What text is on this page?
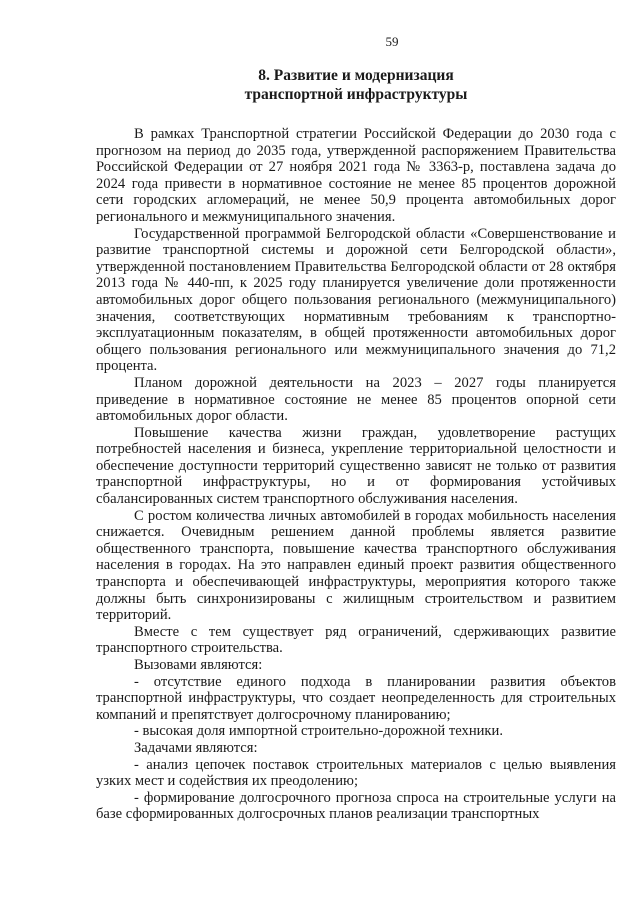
59
8. Развитие и модернизация
транспортной инфраструктуры

В рамках Транспортной стратегии Российской Федерации до 2030 года с прогнозом на период до 2035 года, утвержденной распоряжением Правительства Российской Федерации от 27 ноября 2021 года № 3363-р, поставлена задача до 2024 года привести в нормативное состояние не менее 85 процентов дорожной сети городских агломераций, не менее 50,9 процента автомобильных дорог регионального и межмуниципального значения.

Государственной программой Белгородской области «Совершенствование и развитие транспортной системы и дорожной сети Белгородской области», утвержденной постановлением Правительства Белгородской области от 28 октября 2013 года № 440-пп, к 2025 году планируется увеличение доли протяженности автомобильных дорог общего пользования регионального (межмуниципального) значения, соответствующих нормативным требованиям к транспортно-эксплуатационным показателям, в общей протяженности автомобильных дорог общего пользования регионального или межмуниципального значения до 71,2 процента.

Планом дорожной деятельности на 2023 – 2027 годы планируется приведение в нормативное состояние не менее 85 процентов опорной сети автомобильных дорог области.

Повышение качества жизни граждан, удовлетворение растущих потребностей населения и бизнеса, укрепление территориальной целостности и обеспечение доступности территорий существенно зависят не только от развития транспортной инфраструктуры, но и от формирования устойчивых сбалансированных систем транспортного обслуживания населения.

С ростом количества личных автомобилей в городах мобильность населения снижается. Очевидным решением данной проблемы является развитие общественного транспорта, повышение качества транспортного обслуживания населения в городах. На это направлен единый проект развития общественного транспорта и обеспечивающей инфраструктуры, мероприятия которого также должны быть синхронизированы с жилищным строительством и развитием территорий.

Вместе с тем существует ряд ограничений, сдерживающих развитие транспортного строительства.

Вызовами являются:

- отсутствие единого подхода в планировании развития объектов транспортной инфраструктуры, что создает неопределенность для строительных компаний и препятствует долгосрочному планированию;

- высокая доля импортной строительно-дорожной техники.

Задачами являются:

- анализ цепочек поставок строительных материалов с целью выявления узких мест и содействия их преодолению;

- формирование долгосрочного прогноза спроса на строительные услуги на базе сформированных долгосрочных планов реализации транспортных
